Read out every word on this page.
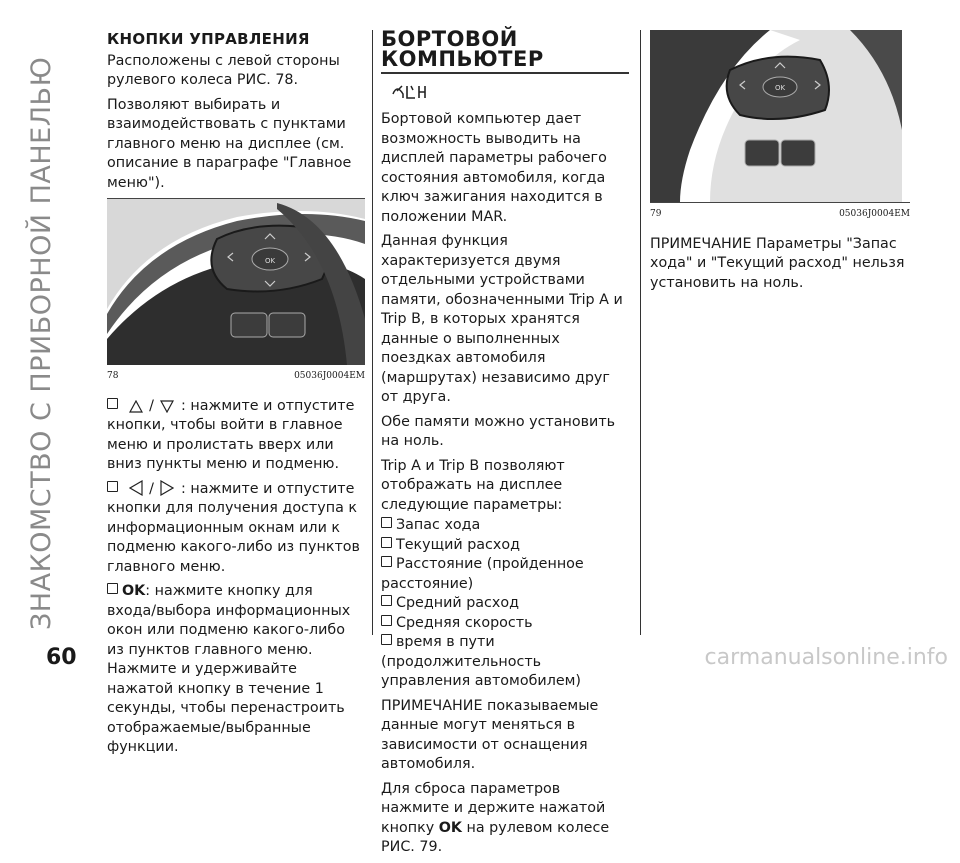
ЗНАКОМСТВО С ПРИБОРНОЙ ПАНЕЛЬЮ
КНОПКИ УПРАВЛЕНИЯ

Расположены с левой стороны рулевого колеса РИС. 78.

Позволяют выбирать и взаимодействовать с пунктами главного меню на дисплее (см. описание в параграфе "Главное меню").

OK
78	05036J0004EM

/ : нажмите и отпустите кнопки, чтобы войти в главное меню и пролистать вверх или вниз пункты меню и подменю.

/ : нажмите и отпустите кнопки для получения доступа к информационным окнам или к подменю какого-либо из пунктов главного меню.

OK: нажмите кнопку для входа/выбора информационных окон или подменю какого-либо из пунктов главного меню. Нажмите и удерживайте нажатой кнопку в течение 1 секунды, чтобы перенастроить отображаемые/выбранные функции.

БОРТОВОЙ КОМПЬЮТЕР

Бортовой компьютер дает возможность выводить на дисплей параметры рабочего состояния автомобиля, когда ключ зажигания находится в положении MAR.

Данная функция характеризуется двумя отдельными устройствами памяти, обозначенными Trip A и Trip B, в которых хранятся данные о выполненных поездках автомобиля (маршрутах) независимо друг от друга.

Обе памяти можно установить на ноль.

Trip A и Trip B позволяют отображать на дисплее следующие параметры:

Запас хода
Текущий расход
Расстояние (пройденное расстояние)
Средний расход
Средняя скорость
время в пути (продолжительность управления автомобилем)

ПРИМЕЧАНИЕ показываемые данные могут меняться в зависимости от оснащения автомобиля.

Для сброса параметров нажмите и держите нажатой кнопку OK на рулевом колесе РИС. 79.

OK
79	05036J0004EM

ПРИМЕЧАНИЕ Параметры "Запас хода" и "Текущий расход" нельзя установить на ноль.

60	carmanualsonline.info
